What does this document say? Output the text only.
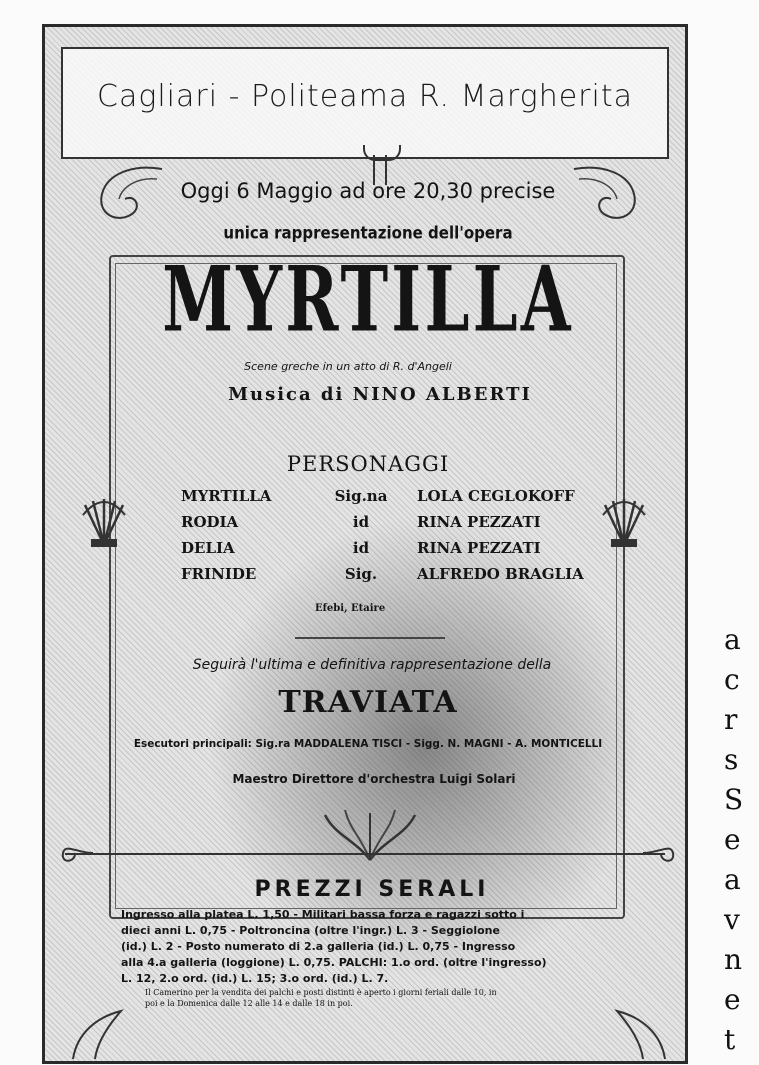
Cagliari - Politeama R. Margherita
Oggi 6 Maggio ad ore 20,30 precise
unica rappresentazione dell'opera
MYRTILLA
Scene greche in un atto di R. d'Angeli
Musica di NINO ALBERTI
PERSONAGGI
MYRTILLA	Sig.na LOLA CEGLOKOFF
RODIA	id	RINA PEZZATI
DELIA	id	RINA PEZZATI
FRINIDE	Sig.	ALFREDO BRAGLIA
Efebi, Etaire
Seguirà l'ultima e definitiva rappresentazione della
TRAVIATA
Esecutori principali: Sig.ra MADDALENA TISCI - Sigg. N. MAGNI - A. MONTICELLI
Maestro Direttore d'orchestra Luigi Solari
PREZZI SERALI

Ingresso alla platea L. 1,50 - Militari bassa forza e ragazzi sotto i

dieci anni L. 0,75 - Poltroncina (oltre l'ingr.) L. 3 - Seggiolone

(id.) L. 2 - Posto numerato di 2.a galleria (id.) L. 0,75 - Ingresso

alla 4.a galleria (loggione) L. 0,75. PALCHI: 1.o ord. (oltre l'ingresso)

L. 12, 2.o ord. (id.) L. 15; 3.o ord. (id.) L. 7.

Il Camerino per la vendita dei palchi e posti distinti è aperto i giorni feriali dalle 10, in

poi e la Domenica dalle 12 alle 14 e dalle 18 in poi.

a
c
r
s
S
e
a
v
n
e
t
